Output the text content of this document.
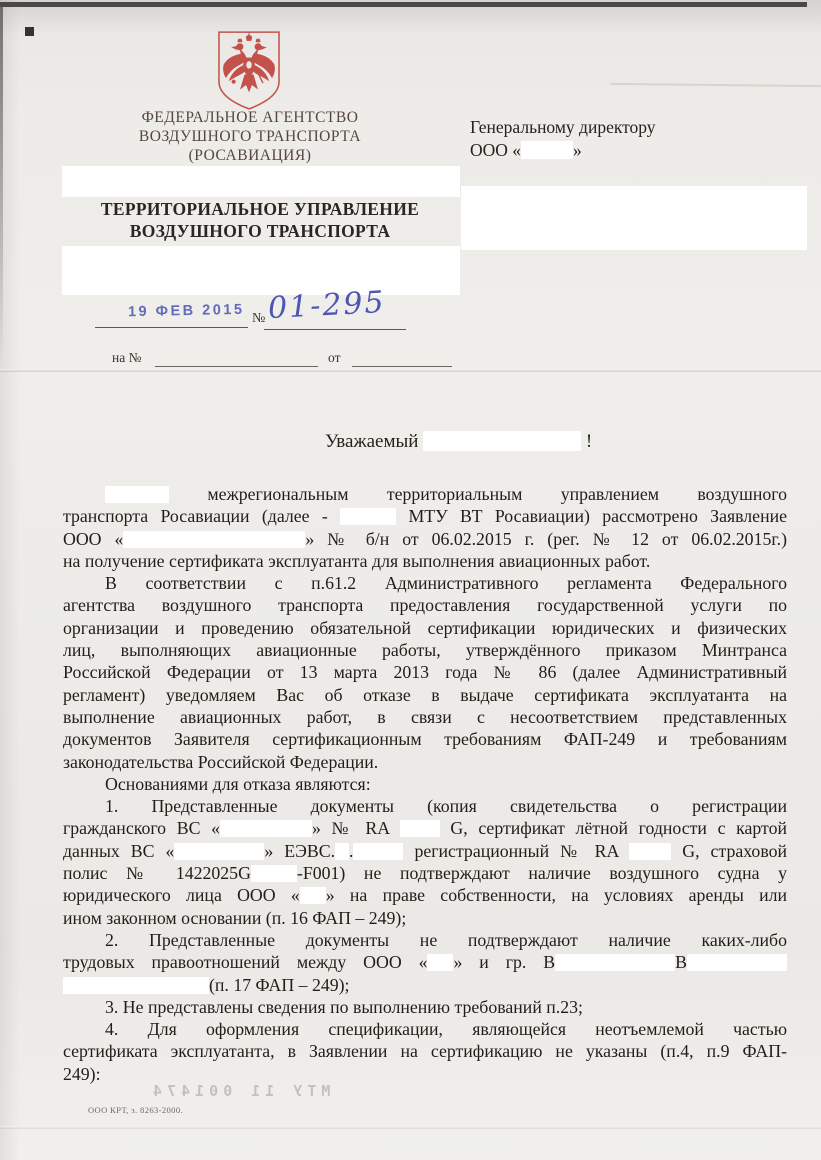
ФЕДЕРАЛЬНОЕ АГЕНТСТВО
ВОЗДУШНОГО ТРАНСПОРТА
(РОСАВИАЦИЯ)
ТЕРРИТОРИАЛЬНОЕ УПРАВЛЕНИЕ
ВОЗДУШНОГО ТРАНСПОРТА
Генеральному директору
ООО «	»
19 ФЕВ 2015 № 01-295
на №	от
Уважаемый	!

межрегиональным территориальным управлением воздушного

транспорта Росавиации (далее -	МТУ ВТ Росавиации) рассмотрено Заявление

ООО «	» № б/н от 06.02.2015 г. (рег. № 12 от 06.02.2015г.)

на получение сертификата эксплуатанта для выполнения авиационных работ.

В соответствии с п.61.2 Административного регламента Федерального

агентства воздушного транспорта предоставления государственной услуги по

организации и проведению обязательной сертификации юридических и физических

лиц, выполняющих авиационные работы, утверждённого приказом Минтранса

Российской Федерации от 13 марта 2013 года № 86 (далее Административный

регламент) уведомляем Вас об отказе в выдаче сертификата эксплуатанта на

выполнение авиационных работ, в связи с несоответствием представленных

документов Заявителя сертификационным требованиям ФАП-249 и требованиям

законодательства Российской Федерации.

Основаниями для отказа являются:

1. Представленные документы (копия свидетельства о регистрации

гражданского ВС «	» № RA  G, сертификат лётной годности с картой

данных ВС «	» ЕЭВС. .	регистрационный № RA  G, страховой

полис № 1422025G	-F001) не подтверждают наличие воздушного судна у

юридического лица ООО « » на праве собственности, на условиях аренды или

ином законном основании (п. 16 ФАП – 249);

2. Представленные документы не подтверждают наличие каких-либо

трудовых правоотношений между ООО « » и гр. В	В

(п. 17 ФАП – 249);

3. Не представлены сведения по выполнению требований п.23;

4. Для оформления спецификации, являющейся неотъемлемой частью

сертификата эксплуатанта, в Заявлении на сертификацию не указаны (п.4, п.9 ФАП-

249):

МТУ 11 001474
ООО КРТ, з. 8263-2000.
